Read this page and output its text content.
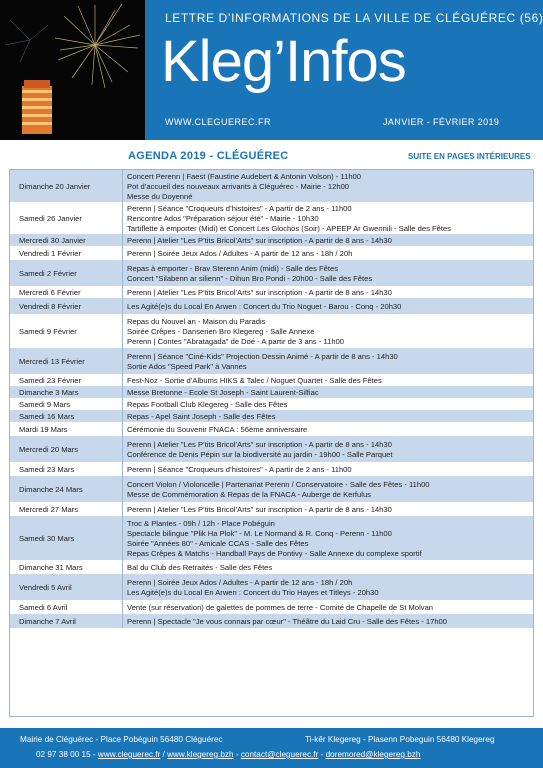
LETTRE D’INFORMATIONS DE LA VILLE DE CLÉGUÉREC (56)
Kleg’Infos
WWW.CLEGUEREC.FR	JANVIER - FÉVRIER 2019
AGENDA 2019 - CLÉGUÉREC	SUITE EN PAGES INTÉRIEURES
Dimanche 20 Janvier	Concert Perenn | Faest (Faustine Audebert & Antonin Volson) - 11h00
Pot d’accueil des nouveaux arrivants à Cléguérec - Mairie - 12h00
Messe du Doyenné

Samedi 26 Janvier	Perenn | Séance "Croqueurs d’histoires" - A partir de 2 ans - 11h00
Rencontre Ados "Préparation séjour été" - Mairie - 10h30
Tartiflette à emporter (Midi) et Concert Les Glochos (Soir) - APEEP Ar Gwennili - Salle des Fêtes

Mercredi 30 Janvier	Perenn | Atelier "Les P’tits Bricol’Arts" sur inscription - A partir de 8 ans - 14h30

Vendredi 1 Février	Perenn | Soirée Jeux Ados / Adultes - A partir de 12 ans - 18h / 20h

Samedi 2 Février	Repas à emporter - Brav Sterenn Anim (midi) - Salle des Fêtes
Concert "Silabenn ar silienn" - Dihun Bro Pondi - 20h00 - Salle des Fêtes

Mercredi 6 Février	Perenn | Atelier "Les P’tits Bricol’Arts" sur inscription - A partir de 8 ans - 14h30

Vendredi 8 Février	Les Agité(e)s du Local En Arwen : Concert du Trio Noguet - Barou - Conq - 20h30

Samedi 9 Février	Repas du Nouvel an - Maison du Paradis
Soirée Crêpes - Danserien Bro Klegereg - Salle Annexe
Perenn | Contes "Abratagada" de Doé - A partir de 3 ans - 11h00

Mercredi 13 Février	Perenn | Séance "Ciné-Kids" Projection Dessin Animé - A partir de 8 ans - 14h30
Sortie Ados "Speed Park" à Vannes

Samedi 23 Février	Fest-Noz - Sortie d’Albums HIKS & Talec / Noguet Quartet - Salle des Fêtes

Dimanche 3 Mars	Messe Bretonne - Ecole St Joseph - Saint Laurent-Silfiac

Samedi 9 Mars	Repas Football Club Klegereg - Salle des Fêtes

Samedi 16 Mars	Repas - Apel Saint Joseph - Salle des Fêtes

Mardi 19 Mars	Cérémonie du Souvenir FNACA : 56ème anniversaire

Mercredi 20 Mars	Perenn | Atelier "Les P’tits Bricol’Arts" sur inscription - A partir de 8 ans - 14h30
Conférence de Denis Pépin sur la biodiversité au jardin - 19h00 - Salle Parquet

Samedi 23 Mars	Perenn | Séance "Croqueurs d’histoires" - A partir de 2 ans - 11h00

Dimanche 24 Mars	Concert Violon / Violoncelle | Partenariat Perenn / Conservatoire - Salle des Fêtes - 11h00
Messe de Commémoration & Repas de la FNACA - Auberge de Kerfulus

Mercredi 27 Mars	Perenn | Atelier "Les P’tits Bricol’Arts" sur inscription - A partir de 8 ans - 14h30

Samedi 30 Mars	Troc & Plantes - 09h / 12h - Place Pobéguin
Spectacle bilingue "Plik Ha Plok" - M. Le Normand & R. Conq - Perenn - 11h00
Soirée "Années 80" - Amicale CCAS - Salle des Fêtes
Repas Crêpes & Matchs - Handball Pays de Pontivy - Salle Annexe du complexe sportif

Dimanche 31 Mars	Bal du Club des Retraités - Salle des Fêtes

Vendredi 5 Avril	Perenn | Soirée Jeux Ados / Adultes - A partir de 12 ans - 18h / 20h
Les Agité(e)s du Local En Arwen : Concert du Trio Hayes et Titleys - 20h30

Samedi 6 Avril	Vente (sur réservation) de galettes de pommes de terre - Comité de Chapelle de St Molvan

Dimanche 7 Avril	Perenn | Spectacle "Je vous connais par cœur" - Théâtre du Laid Cru - Salle des Fêtes - 17h00
Mairie de Cléguérec - Place Pobéguin 56480 Cléguérec	Ti-kêr Klegereg - Plasenn Pobeguin 56480 Klegereg
02 97 38 00 15 - www.cleguerec.fr / www.klegereg.bzh - contact@cleguerec.fr - doremored@klegereg.bzh
